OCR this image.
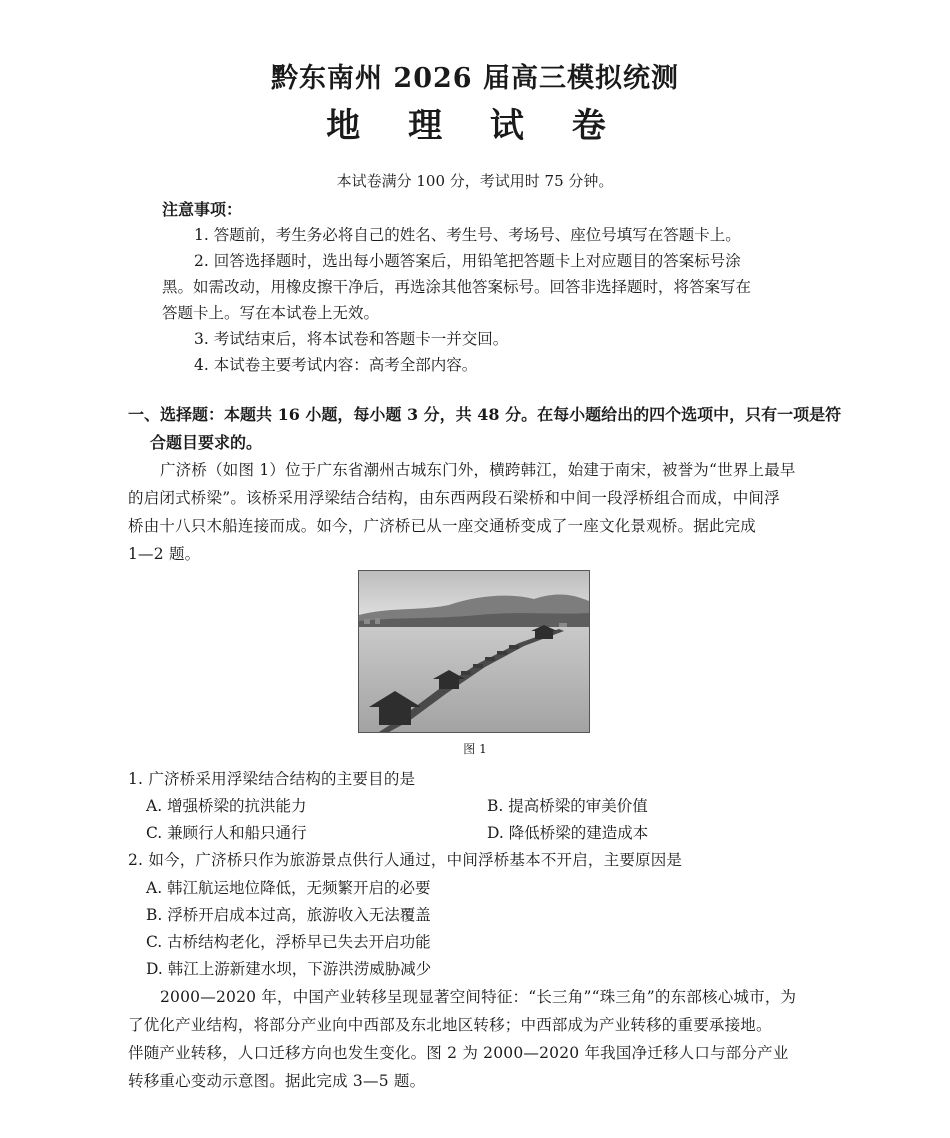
黔东南州 2026 届高三模拟统测
地 理 试 卷
本试卷满分 100 分，考试用时 75 分钟。
注意事项：
1. 答题前，考生务必将自己的姓名、考生号、考场号、座位号填写在答题卡上。
2. 回答选择题时，选出每小题答案后，用铅笔把答题卡上对应题目的答案标号涂
黑。如需改动，用橡皮擦干净后，再选涂其他答案标号。回答非选择题时，将答案写在
答题卡上。写在本试卷上无效。
3. 考试结束后，将本试卷和答题卡一并交回。
4. 本试卷主要考试内容：高考全部内容。
一、选择题：本题共 16 小题，每小题 3 分，共 48 分。在每小题给出的四个选项中，只有一项是符
合题目要求的。
广济桥（如图 1）位于广东省潮州古城东门外，横跨韩江，始建于南宋，被誉为“世界上最早
的启闭式桥梁”。该桥采用浮梁结合结构，由东西两段石梁桥和中间一段浮桥组合而成，中间浮
桥由十八只木船连接而成。如今，广济桥已从一座交通桥变成了一座文化景观桥。据此完成
1—2 题。
图 1
1. 广济桥采用浮梁结合结构的主要目的是
A. 增强桥梁的抗洪能力	B. 提高桥梁的审美价值
C. 兼顾行人和船只通行	D. 降低桥梁的建造成本
2. 如今，广济桥只作为旅游景点供行人通过，中间浮桥基本不开启，主要原因是
A. 韩江航运地位降低，无频繁开启的必要
B. 浮桥开启成本过高，旅游收入无法覆盖
C. 古桥结构老化，浮桥早已失去开启功能
D. 韩江上游新建水坝，下游洪涝威胁减少
2000—2020 年，中国产业转移呈现显著空间特征：“长三角”“珠三角”的东部核心城市，为
了优化产业结构，将部分产业向中西部及东北地区转移；中西部成为产业转移的重要承接地。
伴随产业转移，人口迁移方向也发生变化。图 2 为 2000—2020 年我国净迁移人口与部分产业
转移重心变动示意图。据此完成 3—5 题。
